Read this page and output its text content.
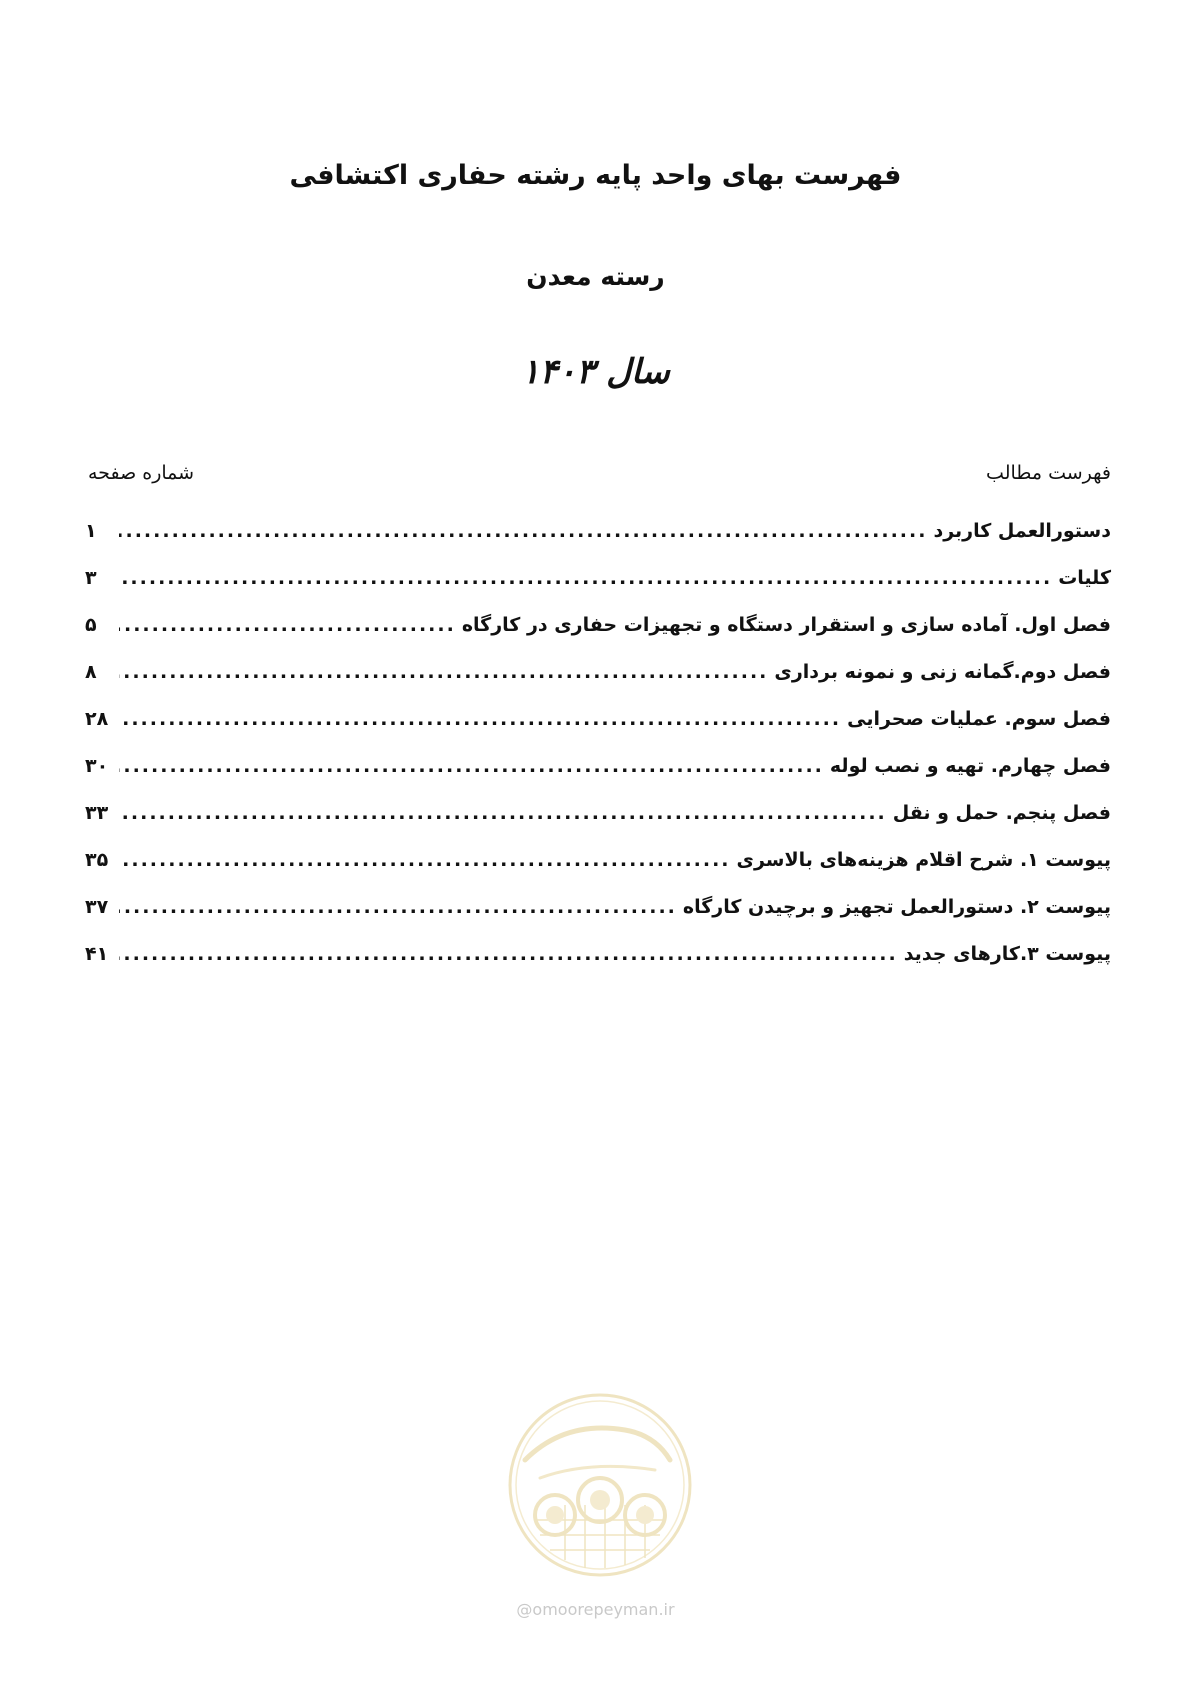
فهرست بهای واحد پایه رشته حفاری اکتشافی
رسته معدن
سال ۱۴۰۳
فهرست مطالب
شماره صفحه
دستورالعمل کاربرد
.....
۱
کلیات
.....
۳
فصل اول. آماده سازی و استقرار دستگاه و تجهیزات حفاری در کارگاه
.....
۵
فصل دوم.گمانه زنی و نمونه برداری
.....
۸
فصل سوم. عملیات صحرایی
.....
۲۸
فصل چهارم. تهیه و نصب لوله
.....
۳۰
فصل پنجم. حمل و نقل
.....
۳۳
پیوست ۱. شرح اقلام هزینه‌های بالاسری
.....
۳۵
پیوست ۲. دستورالعمل تجهیز و برچیدن کارگاه
.....
۳۷
پیوست ۳.کارهای جدید
.....
۴۱
@omoorepeyman.ir
